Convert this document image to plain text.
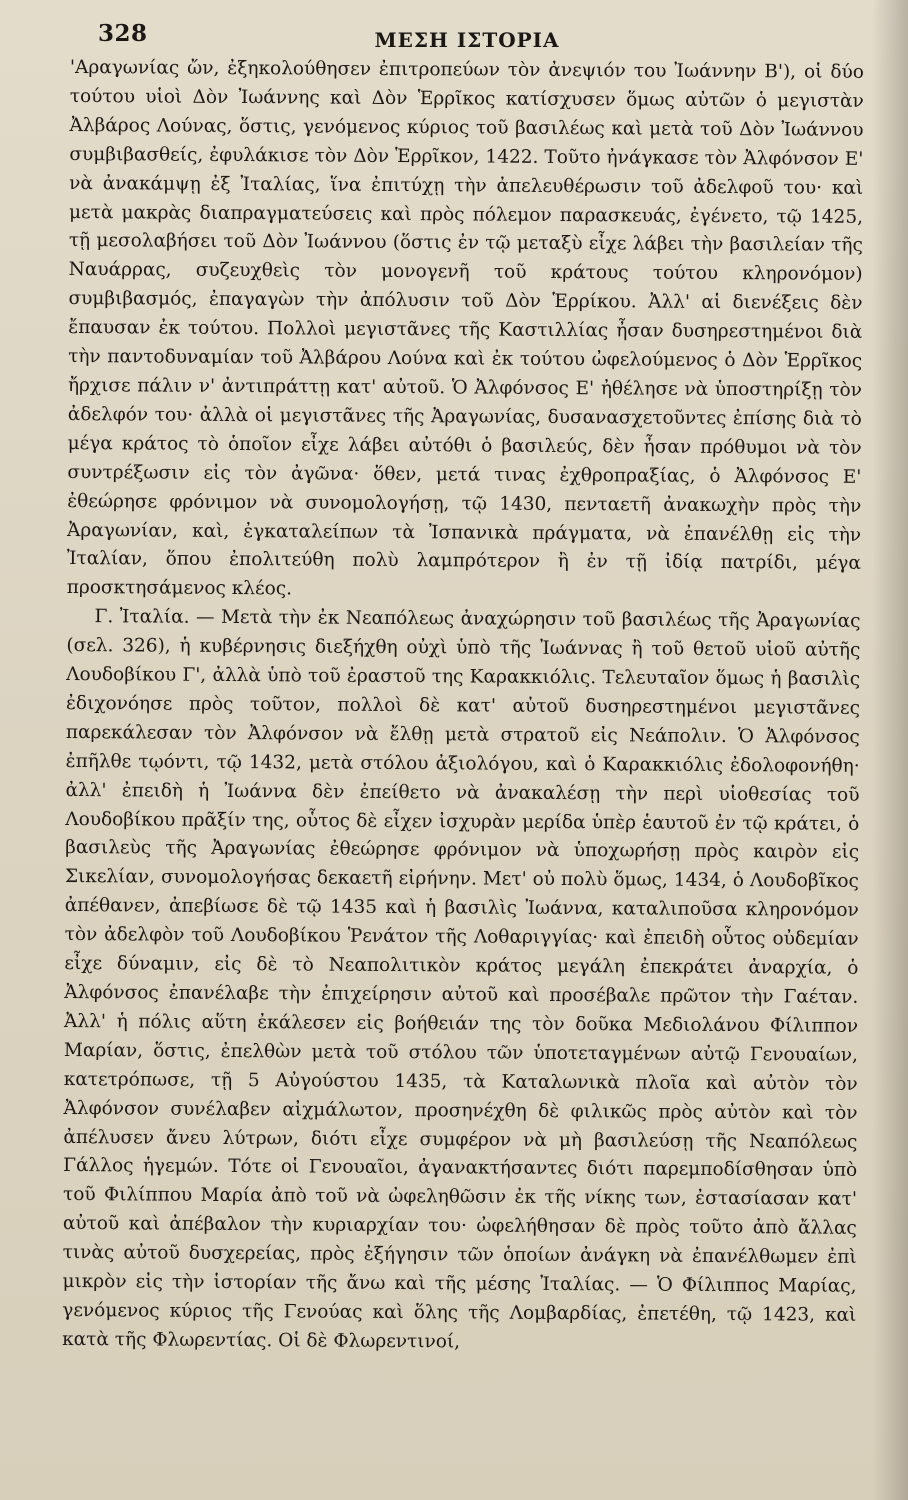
328	ΜΕΣΗ ΙΣΤΟΡΙΑ

'Αραγωνίας ὤν, ἐξηκολούθησεν ἐπιτροπεύων τὸν ἀνεψιόν του Ἰωάννην Β'), οἱ δύο τούτου υἱοὶ Δὸν Ἰωάννης καὶ Δὸν Ἑρρῖκος κατίσχυσεν ὅμως αὐτῶν ὁ μεγιστὰν Ἀλβάρος Λούνας, ὅστις, γενόμενος κύριος τοῦ βασιλέως καὶ μετὰ τοῦ Δὸν Ἰωάννου συμβιβασθείς, ἐφυλάκισε τὸν Δὸν Ἑρρῖκον, 1422. Τοῦτο ἠνάγκασε τὸν Ἀλφόνσον Ε' νὰ ἀνακάμψῃ ἐξ Ἰταλίας, ἵνα ἐπιτύχῃ τὴν ἀπελευθέρωσιν τοῦ ἀδελφοῦ του· καὶ μετὰ μακρὰς διαπραγματεύσεις καὶ πρὸς πόλεμον παρασκευάς, ἐγένετο, τῷ 1425, τῇ μεσολαβήσει τοῦ Δὸν Ἰωάννου (ὅστις ἐν τῷ μεταξὺ εἶχε λάβει τὴν βασιλείαν τῆς Ναυάρρας, συζευχθεὶς τὸν μονογενῆ τοῦ κράτους τούτου κληρονόμον) συμβιβασμός, ἐπαγαγὼν τὴν ἀπόλυσιν τοῦ Δὸν Ἑρρίκου. Ἀλλ' αἱ διενέξεις δὲν ἔπαυσαν ἐκ τούτου. Πολλοὶ μεγιστᾶνες τῆς Καστιλλίας ἦσαν δυσηρεστημένοι διὰ τὴν παντοδυναμίαν τοῦ Ἀλβάρου Λούνα καὶ ἐκ τούτου ὠφελούμενος ὁ Δὸν Ἑρρῖκος ἤρχισε πάλιν ν' ἀντιπράττῃ κατ' αὐτοῦ. Ὁ Ἀλφόνσος Ε' ἠθέλησε νὰ ὑποστηρίξῃ τὸν ἀδελφόν του· ἀλλὰ οἱ μεγιστᾶνες τῆς Ἀραγωνίας, δυσανασχετοῦντες ἐπίσης διὰ τὸ μέγα κράτος τὸ ὁποῖον εἶχε λάβει αὐτόθι ὁ βασιλεύς, δὲν ἦσαν πρόθυμοι νὰ τὸν συντρέξωσιν εἰς τὸν ἀγῶνα· ὅθεν, μετά τινας ἐχθροπραξίας, ὁ Ἀλφόνσος Ε' ἐθεώρησε φρόνιμον νὰ συνομολογήσῃ, τῷ 1430, πενταετῆ ἀνακωχὴν πρὸς τὴν Ἀραγωνίαν, καὶ, ἐγκαταλείπων τὰ Ἰσπανικὰ πράγματα, νὰ ἐπανέλθῃ εἰς τὴν Ἰταλίαν, ὅπου ἐπολιτεύθη πολὺ λαμπρότερον ἢ ἐν τῇ ἰδίᾳ πατρίδι, μέγα προσκτησάμενος κλέος.

Γ. Ἰταλία. — Μετὰ τὴν ἐκ Νεαπόλεως ἀναχώρησιν τοῦ βασιλέως τῆς Ἀραγωνίας (σελ. 326), ἡ κυβέρνησις διεξήχθη οὐχὶ ὑπὸ τῆς Ἰωάννας ἢ τοῦ θετοῦ υἱοῦ αὐτῆς Λουδοβίκου Γ', ἀλλὰ ὑπὸ τοῦ ἐραστοῦ της Καρακκιόλις. Τελευταῖον ὅμως ἡ βασιλὶς ἐδιχονόησε πρὸς τοῦτον, πολλοὶ δὲ κατ' αὐτοῦ δυσηρεστημένοι μεγιστᾶνες παρεκάλεσαν τὸν Ἀλφόνσον νὰ ἔλθῃ μετὰ στρατοῦ εἰς Νεάπολιν. Ὁ Ἀλφόνσος ἐπῆλθε τῳόντι, τῷ 1432, μετὰ στόλου ἀξιολόγου, καὶ ὁ Καρακκιόλις ἐδολοφονήθη· ἀλλ' ἐπειδὴ ἡ Ἰωάννα δὲν ἐπείθετο νὰ ἀνακαλέσῃ τὴν περὶ υἱοθεσίας τοῦ Λουδοβίκου πρᾶξίν της, οὗτος δὲ εἶχεν ἰσχυρὰν μερίδα ὑπὲρ ἑαυτοῦ ἐν τῷ κράτει, ὁ βασιλεὺς τῆς Ἀραγωνίας ἐθεώρησε φρόνιμον νὰ ὑποχωρήσῃ πρὸς καιρὸν εἰς Σικελίαν, συνομολογήσας δεκαετῆ εἰρήνην. Μετ' οὐ πολὺ ὅμως, 1434, ὁ Λουδοβῖκος ἀπέθανεν, ἀπεβίωσε δὲ τῷ 1435 καὶ ἡ βασιλὶς Ἰωάννα, καταλιποῦσα κληρονόμον τὸν ἀδελφὸν τοῦ Λουδοβίκου Ῥενάτον τῆς Λοθαριγγίας· καὶ ἐπειδὴ οὗτος οὐδεμίαν εἶχε δύναμιν, εἰς δὲ τὸ Νεαπολιτικὸν κράτος μεγάλη ἐπεκράτει ἀναρχία, ὁ Ἀλφόνσος ἐπανέλαβε τὴν ἐπιχείρησιν αὐτοῦ καὶ προσέβαλε πρῶτον τὴν Γαέταν. Ἀλλ' ἡ πόλις αὕτη ἐκάλεσεν εἰς βοήθειάν της τὸν δοῦκα Μεδιολάνου Φίλιππον Μαρίαν, ὅστις, ἐπελθὼν μετὰ τοῦ στόλου τῶν ὑποτεταγμένων αὐτῷ Γενουαίων, κατετρόπωσε, τῇ 5 Αὐγούστου 1435, τὰ Καταλωνικὰ πλοῖα καὶ αὐτὸν τὸν Ἀλφόνσον συνέλαβεν αἰχμάλωτον, προσηνέχθη δὲ φιλικῶς πρὸς αὐτὸν καὶ τὸν ἀπέλυσεν ἄνευ λύτρων, διότι εἶχε συμφέρον νὰ μὴ βασιλεύσῃ τῆς Νεαπόλεως Γάλλος ἡγεμών. Τότε οἱ Γενουαῖοι, ἀγανακτήσαντες διότι παρεμποδίσθησαν ὑπὸ τοῦ Φιλίππου Μαρία ἀπὸ τοῦ νὰ ὠφεληθῶσιν ἐκ τῆς νίκης των, ἐστασίασαν κατ' αὐτοῦ καὶ ἀπέβαλον τὴν κυριαρχίαν του· ὠφελήθησαν δὲ πρὸς τοῦτο ἀπὸ ἄλλας τινὰς αὐτοῦ δυσχερείας, πρὸς ἐξήγησιν τῶν ὁποίων ἀνάγκη νὰ ἐπανέλθωμεν ἐπὶ μικρὸν εἰς τὴν ἱστορίαν τῆς ἄνω καὶ τῆς μέσης Ἰταλίας. — Ὁ Φίλιππος Μαρίας, γενόμενος κύριος τῆς Γενούας καὶ ὅλης τῆς Λομβαρδίας, ἐπετέθη, τῷ 1423, καὶ κατὰ τῆς Φλωρεντίας. Οἱ δὲ Φλωρεντινοί,
